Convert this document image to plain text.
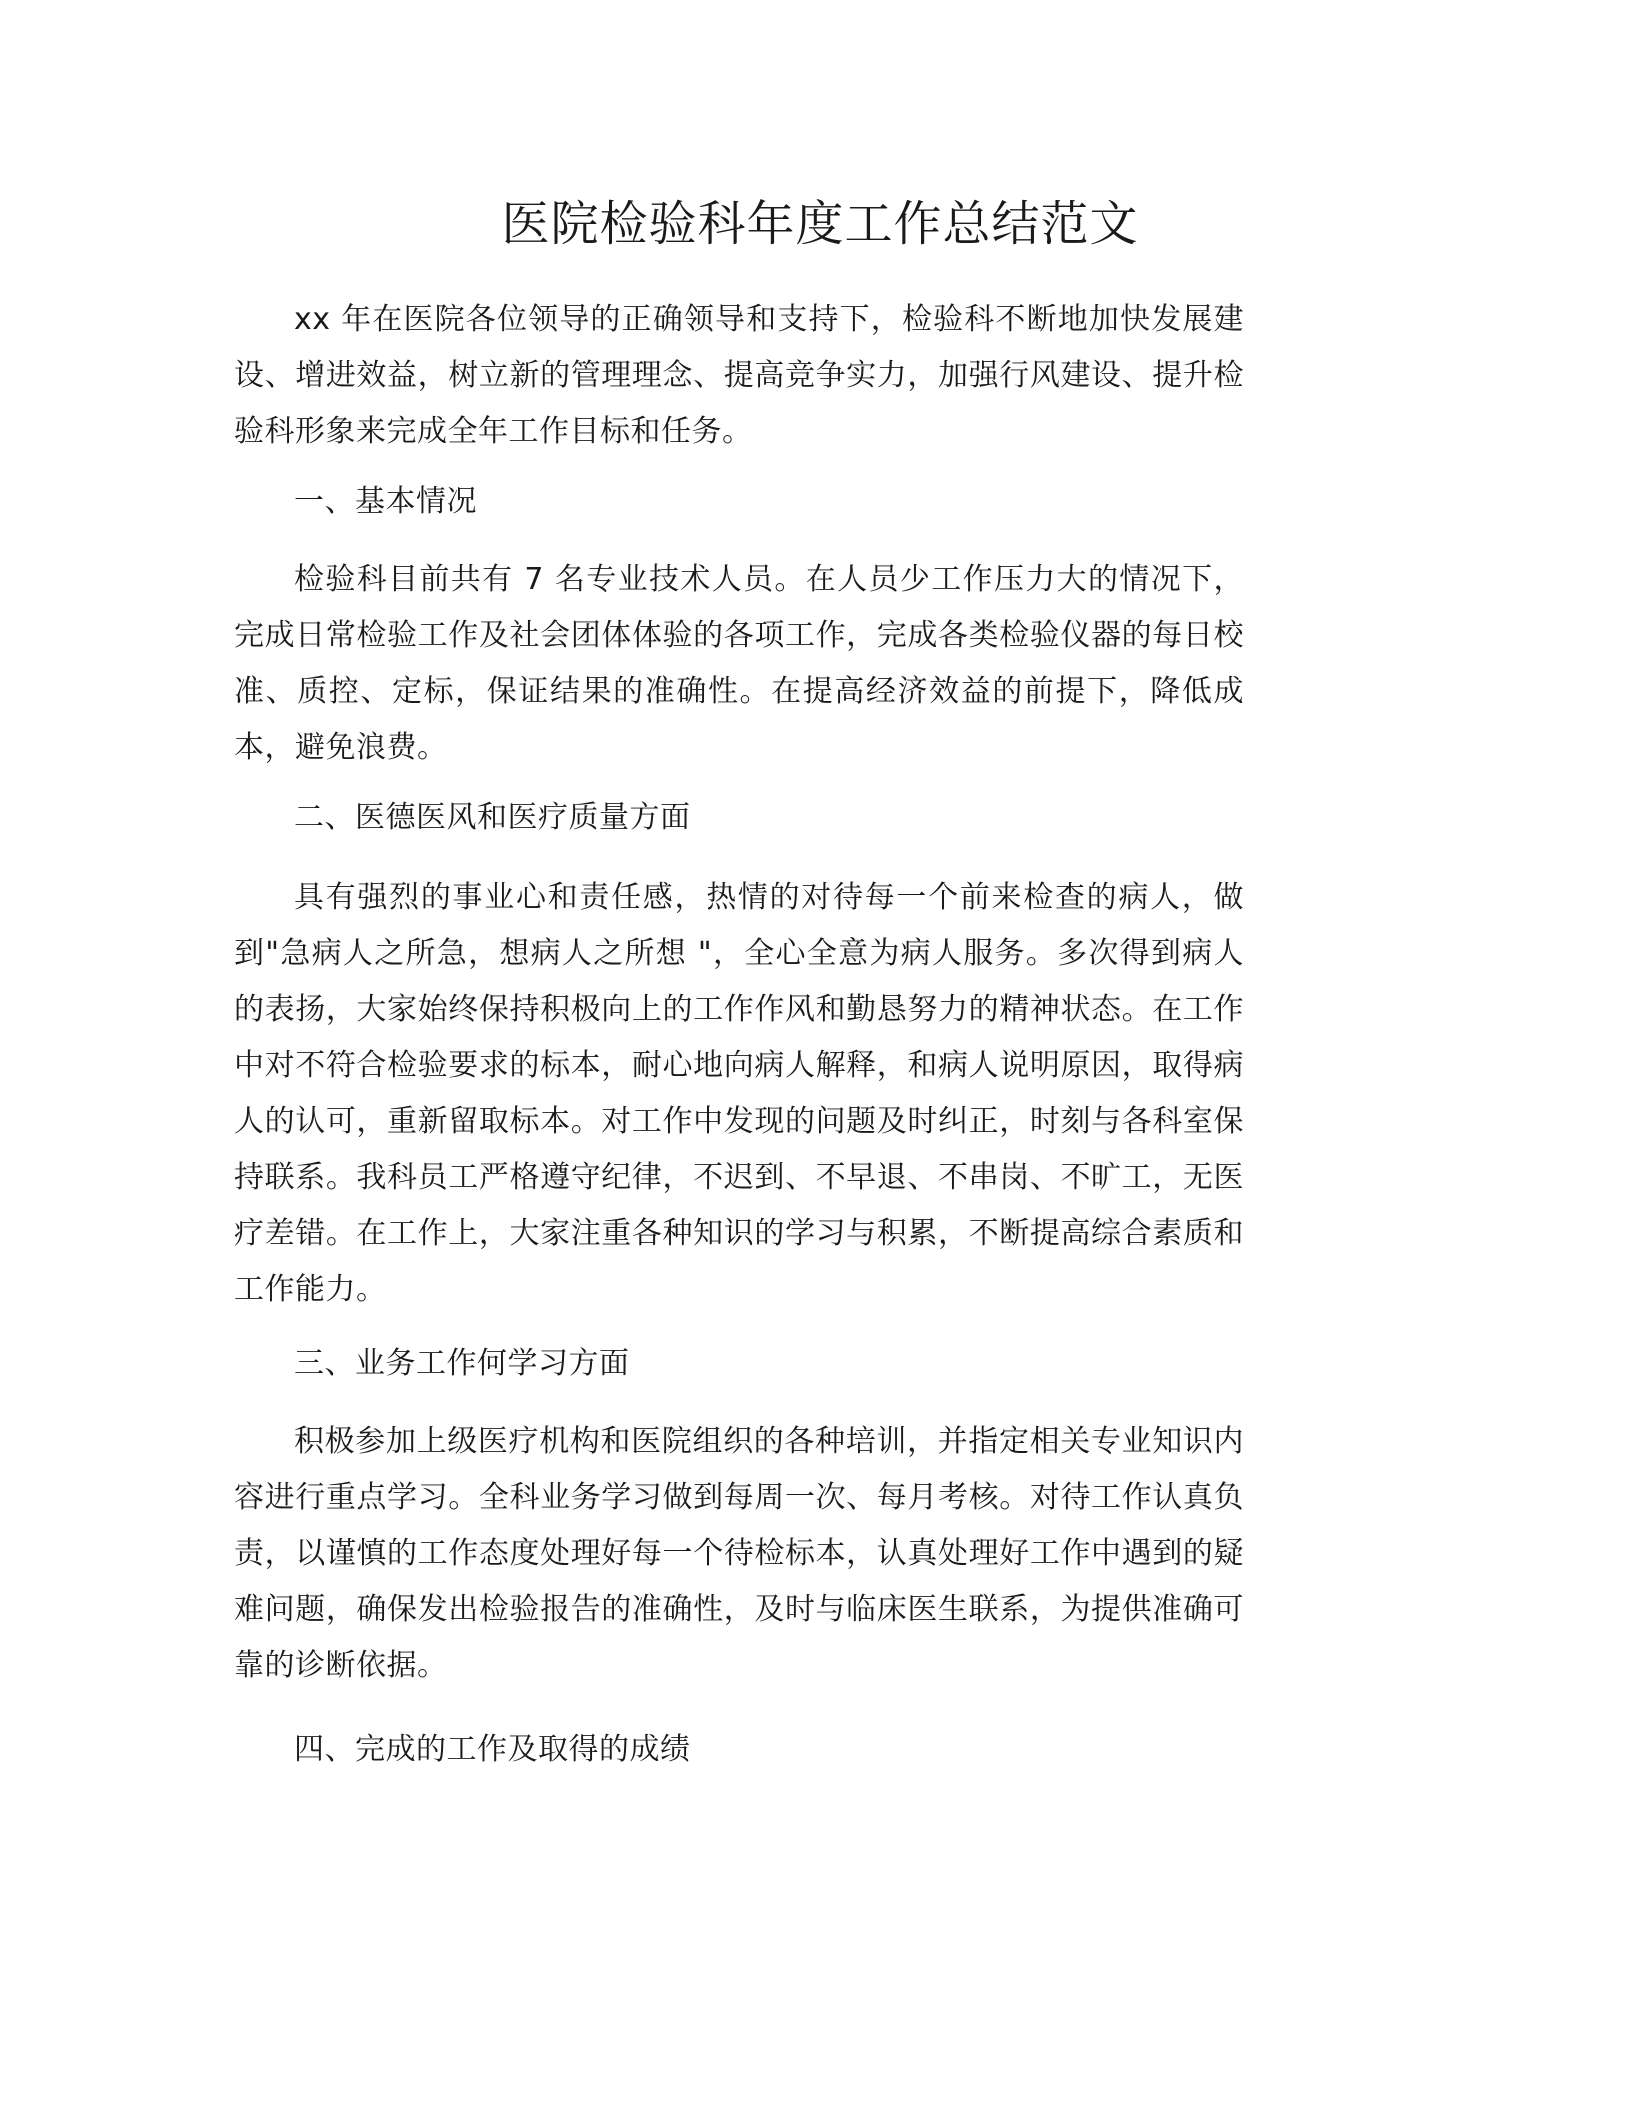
医院检验科年度工作总结范文

xx 年在医院各位领导的正确领导和支持下，检验科不断地加快发展建设、增进效益，树立新的管理理念、提高竞争实力，加强行风建设、提升检验科形象来完成全年工作目标和任务。

一、基本情况

检验科目前共有 7 名专业技术人员。在人员少工作压力大的情况下，完成日常检验工作及社会团体体验的各项工作，完成各类检验仪器的每日校准、质控、定标，保证结果的准确性。在提高经济效益的前提下，降低成本，避免浪费。

二、医德医风和医疗质量方面

具有强烈的事业心和责任感，热情的对待每一个前来检查的病人，做到"急病人之所急，想病人之所想 "，全心全意为病人服务。多次得到病人的表扬，大家始终保持积极向上的工作作风和勤恳努力的精神状态。在工作中对不符合检验要求的标本，耐心地向病人解释，和病人说明原因，取得病人的认可，重新留取标本。对工作中发现的问题及时纠正，时刻与各科室保持联系。我科员工严格遵守纪律，不迟到、不早退、不串岗、不旷工，无医疗差错。在工作上，大家注重各种知识的学习与积累，不断提高综合素质和工作能力。

三、业务工作何学习方面

积极参加上级医疗机构和医院组织的各种培训，并指定相关专业知识内容进行重点学习。全科业务学习做到每周一次、每月考核。对待工作认真负责，以谨慎的工作态度处理好每一个待检标本，认真处理好工作中遇到的疑难问题，确保发出检验报告的准确性，及时与临床医生联系，为提供准确可靠的诊断依据。

四、完成的工作及取得的成绩
